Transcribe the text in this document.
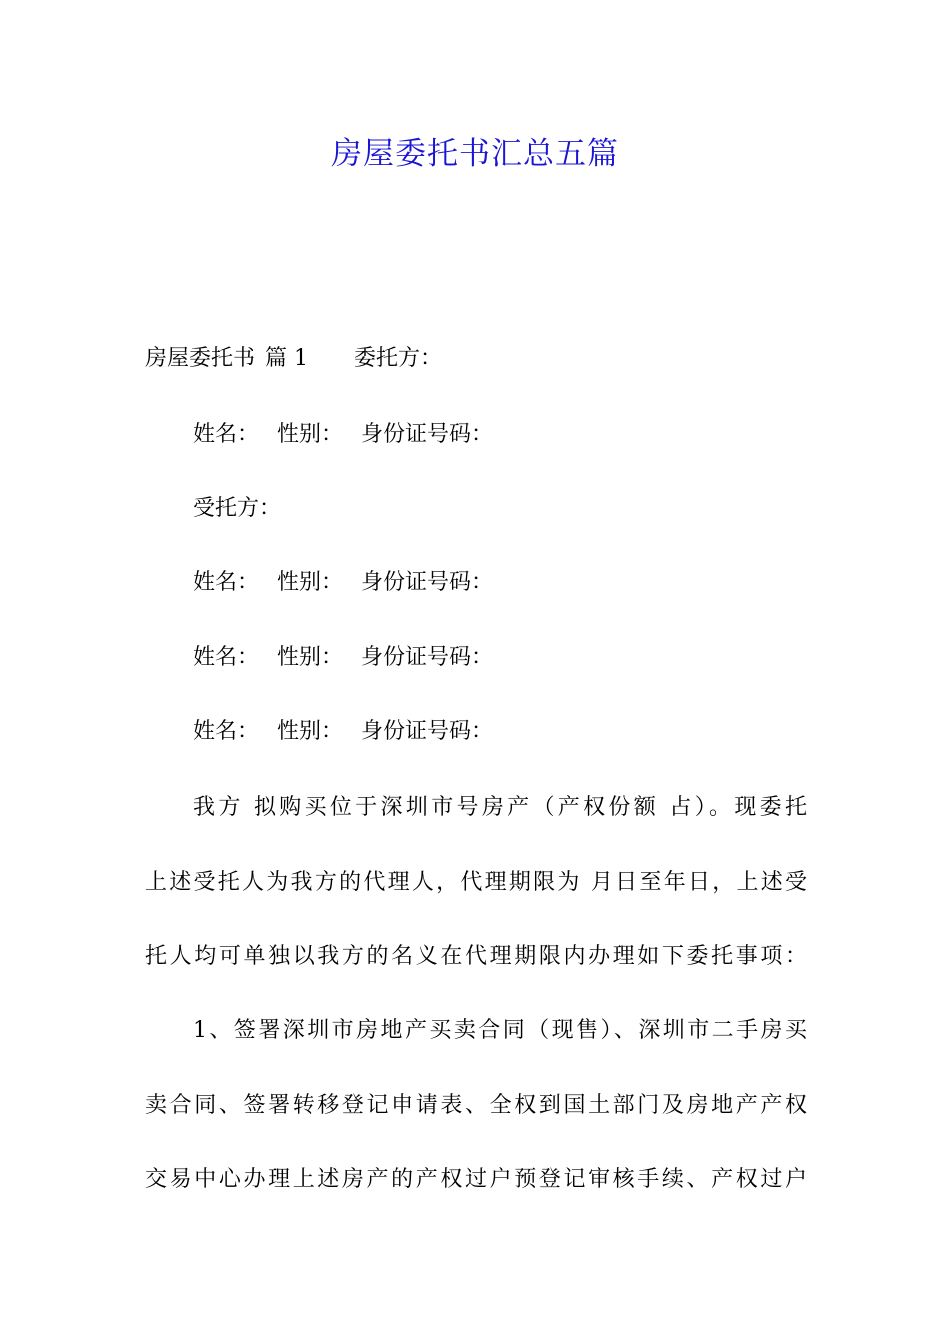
房屋委托书汇总五篇
房屋委托书 篇 1 委托方：
姓名： 性别： 身份证号码：
受托方：
姓名： 性别： 身份证号码：
姓名： 性别： 身份证号码：
姓名： 性别： 身份证号码：
我方 拟购买位于深圳市号房产（产权份额 占）。现委托
上述受托人为我方的代理人，代理期限为 月日至年日，上述受
托人均可单独以我方的名义在代理期限内办理如下委托事项：
1、签署深圳市房地产买卖合同（现售）、深圳市二手房买
卖合同、签署转移登记申请表、全权到国土部门及房地产产权
交易中心办理上述房产的产权过户预登记审核手续、产权过户
